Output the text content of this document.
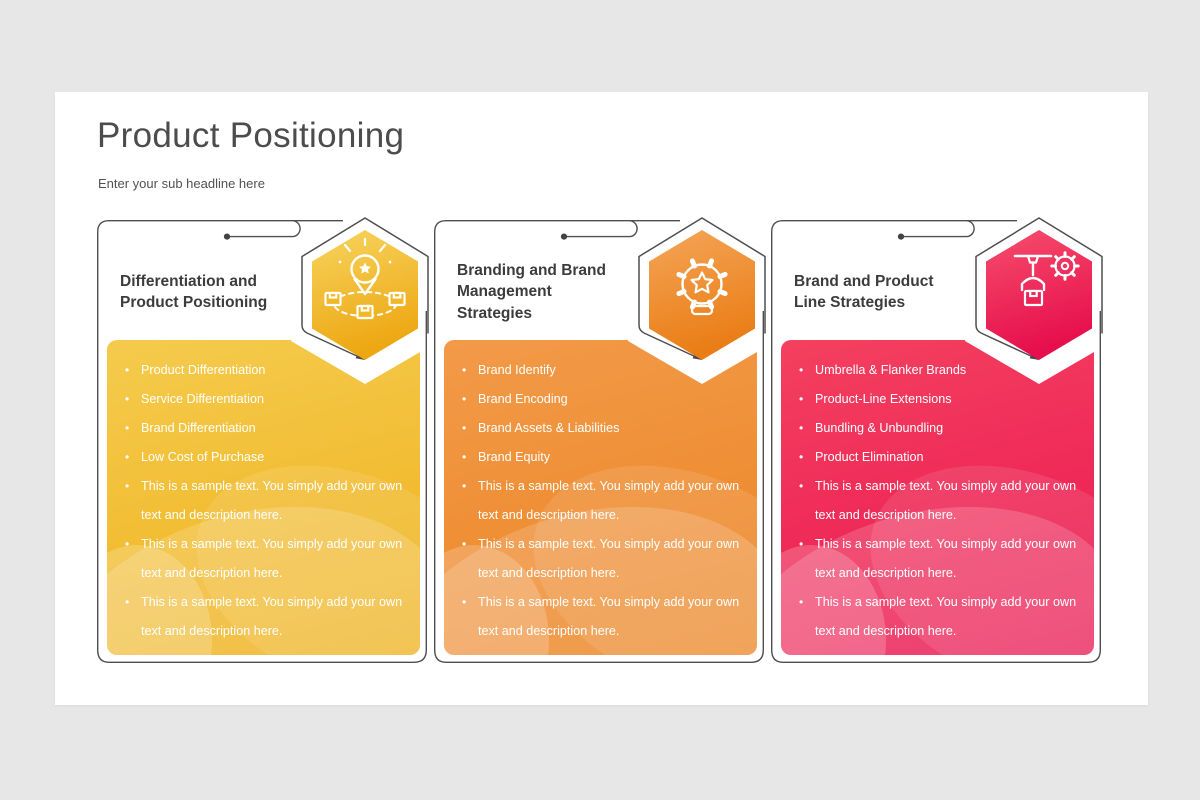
Product Positioning
Enter your sub headline here
• Product Differentiation
• Service Differentiation
• Brand Differentiation
• Low Cost of Purchase
• This is a sample text. You simply add your own text and description here.
• This is a sample text. You simply add your own text and description here.
• This is a sample text. You simply add your own text and description here.
Differentiation and
Product Positioning
• Brand Identify
• Brand Encoding
• Brand Assets & Liabilities
• Brand Equity
• This is a sample text. You simply add your own text and description here.
• This is a sample text. You simply add your own text and description here.
• This is a sample text. You simply add your own text and description here.
Branding and Brand
Management
Strategies
• Umbrella & Flanker Brands
• Product-Line Extensions
• Bundling & Unbundling
• Product Elimination
• This is a sample text. You simply add your own text and description here.
• This is a sample text. You simply add your own text and description here.
• This is a sample text. You simply add your own text and description here.
Brand and Product
Line Strategies
